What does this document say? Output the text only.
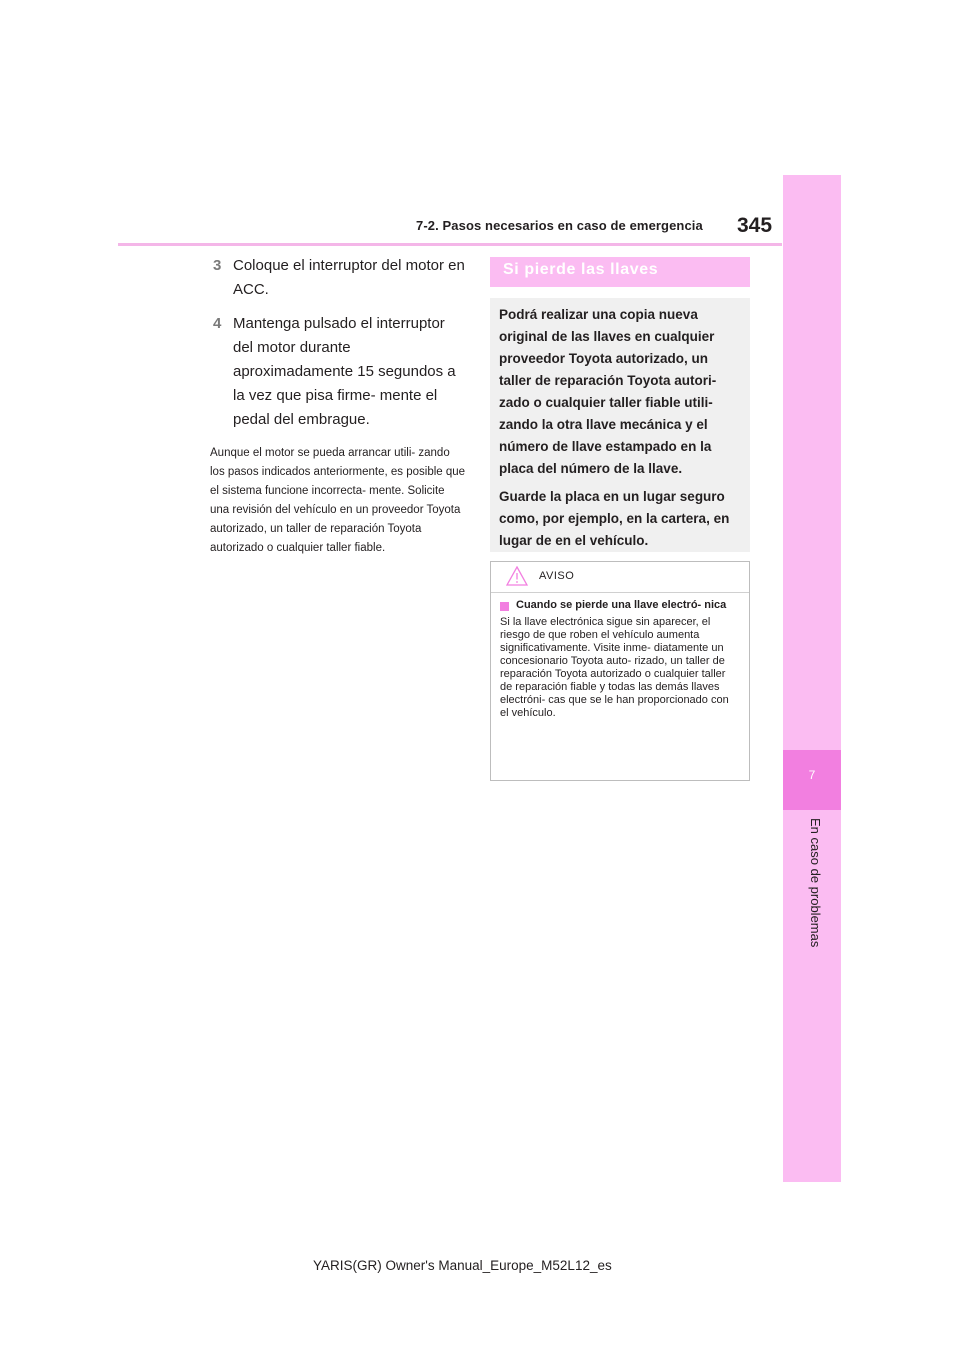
7-2. Pasos necesarios en caso de emergencia 345
7
En caso de problemas
3 Coloque el interruptor del motor en ACC.
4 Mantenga pulsado el interruptor del motor durante aproximadamente 15 segundos a la vez que pisa firme- mente el pedal del embrague.
Aunque el motor se pueda arrancar utili- zando los pasos indicados anteriormente, es posible que el sistema funcione incorrecta- mente. Solicite una revisión del vehículo en un proveedor Toyota autorizado, un taller de reparación Toyota autorizado o cualquier taller fiable.
Si pierde las llaves

Podrá realizar una copia nueva original de las llaves en cualquier proveedor Toyota autorizado, un taller de reparación Toyota autori- zado o cualquier taller fiable utili- zando la otra llave mecánica y el número de llave estampado en la placa del número de la llave.

Guarde la placa en un lugar seguro como, por ejemplo, en la cartera, en lugar de en el vehículo.

AVISO
Cuando se pierde una llave electró- nica
Si la llave electrónica sigue sin aparecer, el riesgo de que roben el vehículo aumenta significativamente. Visite inme- diatamente un concesionario Toyota auto- rizado, un taller de reparación Toyota autorizado o cualquier taller de reparación fiable y todas las demás llaves electróni- cas que se le han proporcionado con el vehículo.
YARIS(GR) Owner's Manual_Europe_M52L12_es
